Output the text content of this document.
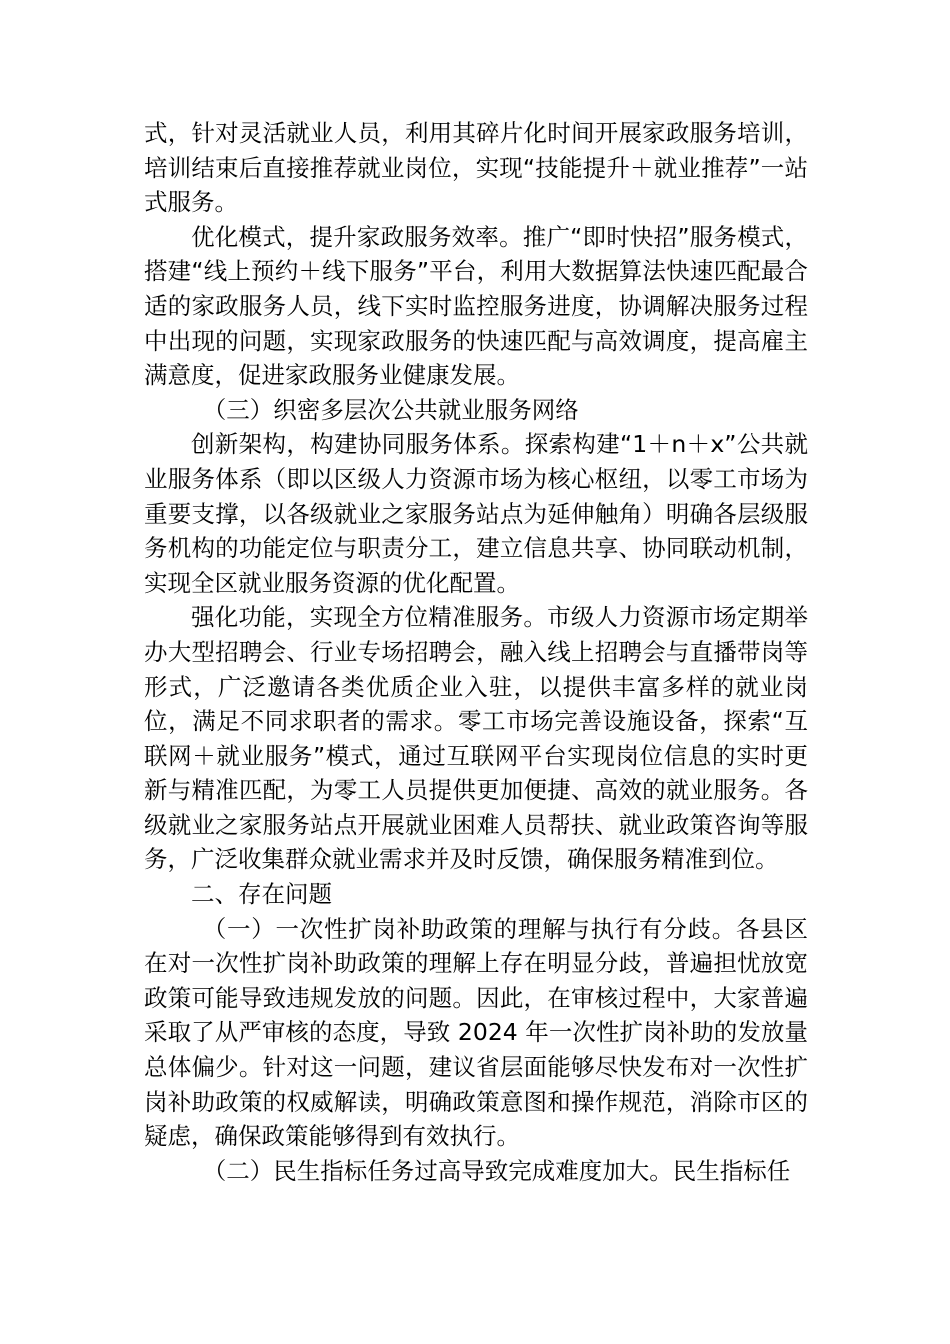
式，针对灵活就业人员，利用其碎片化时间开展家政服务培训，培训结束后直接推荐就业岗位，实现“技能提升＋就业推荐”一站式服务。

优化模式，提升家政服务效率。推广“即时快招”服务模式，搭建“线上预约＋线下服务”平台，利用大数据算法快速匹配最合适的家政服务人员，线下实时监控服务进度，协调解决服务过程中出现的问题，实现家政服务的快速匹配与高效调度，提高雇主满意度，促进家政服务业健康发展。

（三）织密多层次公共就业服务网络

创新架构，构建协同服务体系。探索构建“1＋n＋x”公共就业服务体系（即以区级人力资源市场为核心枢纽，以零工市场为重要支撑，以各级就业之家服务站点为延伸触角）明确各层级服务机构的功能定位与职责分工，建立信息共享、协同联动机制，实现全区就业服务资源的优化配置。

强化功能，实现全方位精准服务。市级人力资源市场定期举办大型招聘会、行业专场招聘会，融入线上招聘会与直播带岗等形式，广泛邀请各类优质企业入驻，以提供丰富多样的就业岗位，满足不同求职者的需求。零工市场完善设施设备，探索“互联网＋就业服务”模式，通过互联网平台实现岗位信息的实时更新与精准匹配，为零工人员提供更加便捷、高效的就业服务。各级就业之家服务站点开展就业困难人员帮扶、就业政策咨询等服务，广泛收集群众就业需求并及时反馈，确保服务精准到位。

二、存在问题

（一）一次性扩岗补助政策的理解与执行有分歧。各县区在对一次性扩岗补助政策的理解上存在明显分歧，普遍担忧放宽政策可能导致违规发放的问题。因此，在审核过程中，大家普遍采取了从严审核的态度，导致 2024 年一次性扩岗补助的发放量总体偏少。针对这一问题，建议省层面能够尽快发布对一次性扩岗补助政策的权威解读，明确政策意图和操作规范，消除市区的疑虑，确保政策能够得到有效执行。

（二）民生指标任务过高导致完成难度加大。民生指标任
